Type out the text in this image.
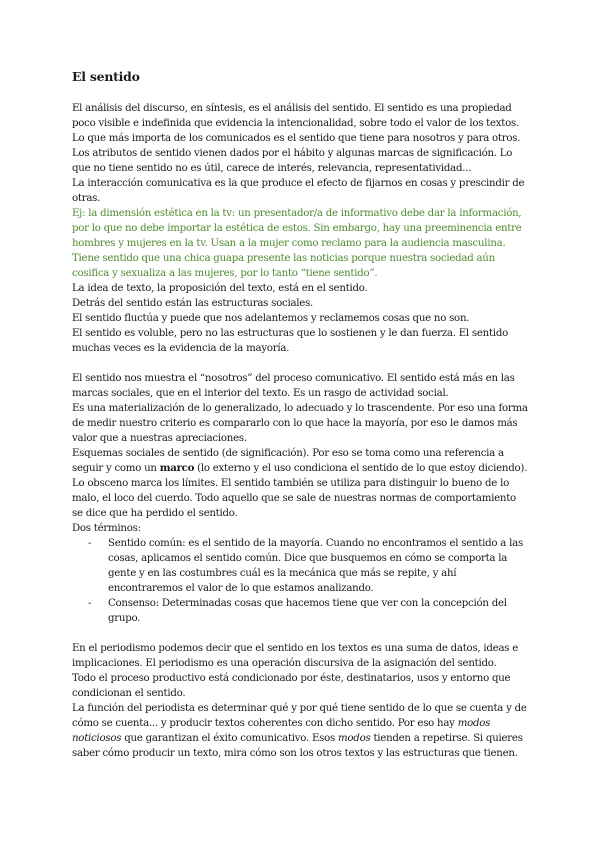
El sentido

El análisis del discurso, en síntesis, es el análisis del sentido. El sentido es una propiedad poco visible e indefinida que evidencia la intencionalidad, sobre todo el valor de los textos.

Lo que más importa de los comunicados es el sentido que tiene para nosotros y para otros.

Los atributos de sentido vienen dados por el hábito y algunas marcas de significación. Lo que no tiene sentido no es útil, carece de interés, relevancia, representatividad...

La interacción comunicativa es la que produce el efecto de fijarnos en cosas y prescindir de otras.

Ej: la dimensión estética en la tv: un presentador/a de informativo debe dar la información, por lo que no debe importar la estética de estos. Sin embargo, hay una preeminencia entre hombres y mujeres en la tv. Usan a la mujer como reclamo para la audiencia masculina.

Tiene sentido que una chica guapa presente las noticias porque nuestra sociedad aún cosifica y sexualiza a las mujeres, por lo tanto “tiene sentido”.

La idea de texto, la proposición del texto, está en el sentido.

Detrás del sentido están las estructuras sociales.

El sentido fluctúa y puede que nos adelantemos y reclamemos cosas que no son.

El sentido es voluble, pero no las estructuras que lo sostienen y le dan fuerza. El sentido muchas veces es la evidencia de la mayoría.

El sentido nos muestra el “nosotros” del proceso comunicativo. El sentido está más en las marcas sociales, que en el interior del texto. Es un rasgo de actividad social.

Es una materialización de lo generalizado, lo adecuado y lo trascendente. Por eso una forma de medir nuestro criterio es compararlo con lo que hace la mayoría, por eso le damos más valor que a nuestras apreciaciones.

Esquemas sociales de sentido (de significación). Por eso se toma como una referencia a seguir y como un marco (lo externo y el uso condiciona el sentido de lo que estoy diciendo).

Lo obsceno marca los límites. El sentido también se utiliza para distinguir lo bueno de lo malo, el loco del cuerdo. Todo aquello que se sale de nuestras normas de comportamiento se dice que ha perdido el sentido.

Dos términos:

- Sentido común: es el sentido de la mayoría. Cuando no encontramos el sentido a las cosas, aplicamos el sentido común. Dice que busquemos en cómo se comporta la gente y en las costumbres cuál es la mecánica que más se repite, y ahí encontraremos el valor de lo que estamos analizando.
- Consenso: Determinadas cosas que hacemos tiene que ver con la concepción del grupo.

En el periodismo podemos decir que el sentido en los textos es una suma de datos, ideas e implicaciones. El periodismo es una operación discursiva de la asignación del sentido.

Todo el proceso productivo está condicionado por éste, destinatarios, usos y entorno que condicionan el sentido.

La función del periodista es determinar qué y por qué tiene sentido de lo que se cuenta y de cómo se cuenta... y producir textos coherentes con dicho sentido. Por eso hay modos noticiosos que garantizan el éxito comunicativo. Esos modos tienden a repetirse. Si quieres saber cómo producir un texto, mira cómo son los otros textos y las estructuras que tienen.
